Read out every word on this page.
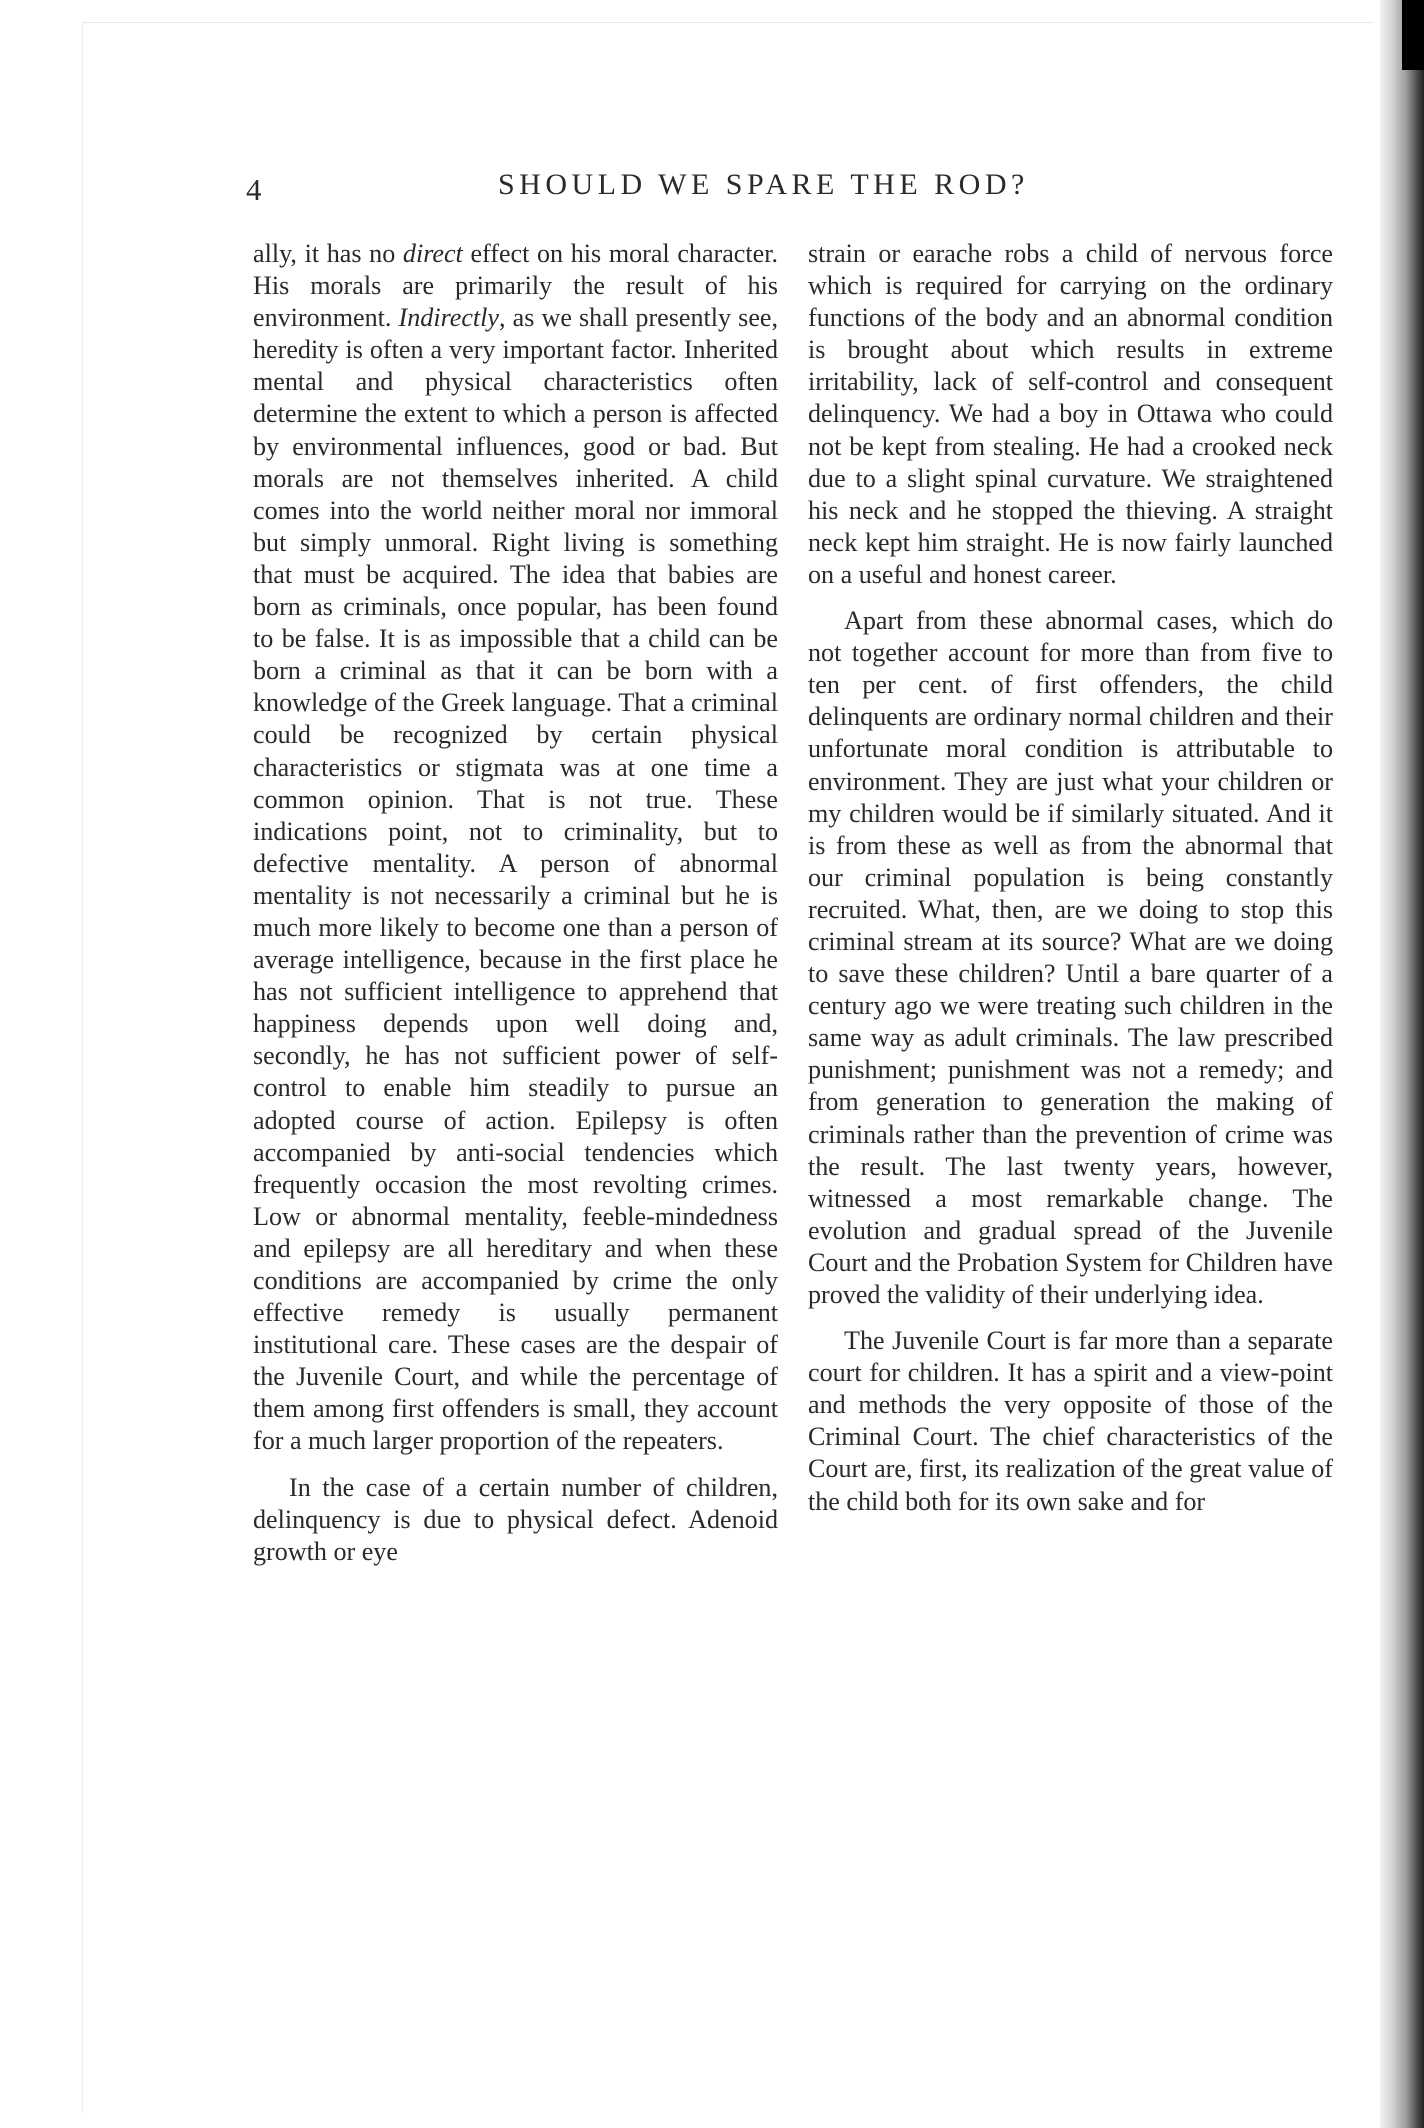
4	SHOULD WE SPARE THE ROD?

ally, it has no direct effect on his moral character. His morals are primarily the result of his environment. Indirectly, as we shall presently see, heredity is often a very important factor. Inherited mental and physical characteristics often determine the extent to which a person is affected by environmental influences, good or bad. But morals are not themselves inherited. A child comes into the world neither moral nor immoral but simply unmoral. Right living is something that must be acquired. The idea that babies are born as criminals, once popular, has been found to be false. It is as impossible that a child can be born a criminal as that it can be born with a knowledge of the Greek language. That a criminal could be recognized by certain physical characteristics or stigmata was at one time a common opinion. That is not true. These indications point, not to criminality, but to defective mentality. A person of abnormal mentality is not necessarily a criminal but he is much more likely to become one than a person of average intelligence, because in the first place he has not sufficient intelligence to apprehend that happiness depends upon well doing and, secondly, he has not sufficient power of self-control to enable him steadily to pursue an adopted course of action. Epilepsy is often accompanied by anti-social tendencies which frequently occasion the most revolting crimes. Low or abnormal mentality, feeble-mindedness and epilepsy are all hereditary and when these conditions are accompanied by crime the only effective remedy is usually permanent institutional care. These cases are the despair of the Juvenile Court, and while the percentage of them among first offenders is small, they account for a much larger proportion of the repeaters.

In the case of a certain number of children, delinquency is due to physical defect. Adenoid growth or eye

strain or earache robs a child of nervous force which is required for carrying on the ordinary functions of the body and an abnormal condition is brought about which results in extreme irritability, lack of self-control and consequent delinquency. We had a boy in Ottawa who could not be kept from stealing. He had a crooked neck due to a slight spinal curvature. We straightened his neck and he stopped the thieving. A straight neck kept him straight. He is now fairly launched on a useful and honest career.

Apart from these abnormal cases, which do not together account for more than from five to ten per cent. of first offenders, the child delinquents are ordinary normal children and their unfortunate moral condition is attributable to environment. They are just what your children or my children would be if similarly situated. And it is from these as well as from the abnormal that our criminal population is being constantly recruited. What, then, are we doing to stop this criminal stream at its source? What are we doing to save these children? Until a bare quarter of a century ago we were treating such children in the same way as adult criminals. The law prescribed punishment; punishment was not a remedy; and from generation to generation the making of criminals rather than the prevention of crime was the result. The last twenty years, however, witnessed a most remarkable change. The evolution and gradual spread of the Juvenile Court and the Probation System for Children have proved the validity of their underlying idea.

The Juvenile Court is far more than a separate court for children. It has a spirit and a view-point and methods the very opposite of those of the Criminal Court. The chief characteristics of the Court are, first, its realization of the great value of the child both for its own sake and for
